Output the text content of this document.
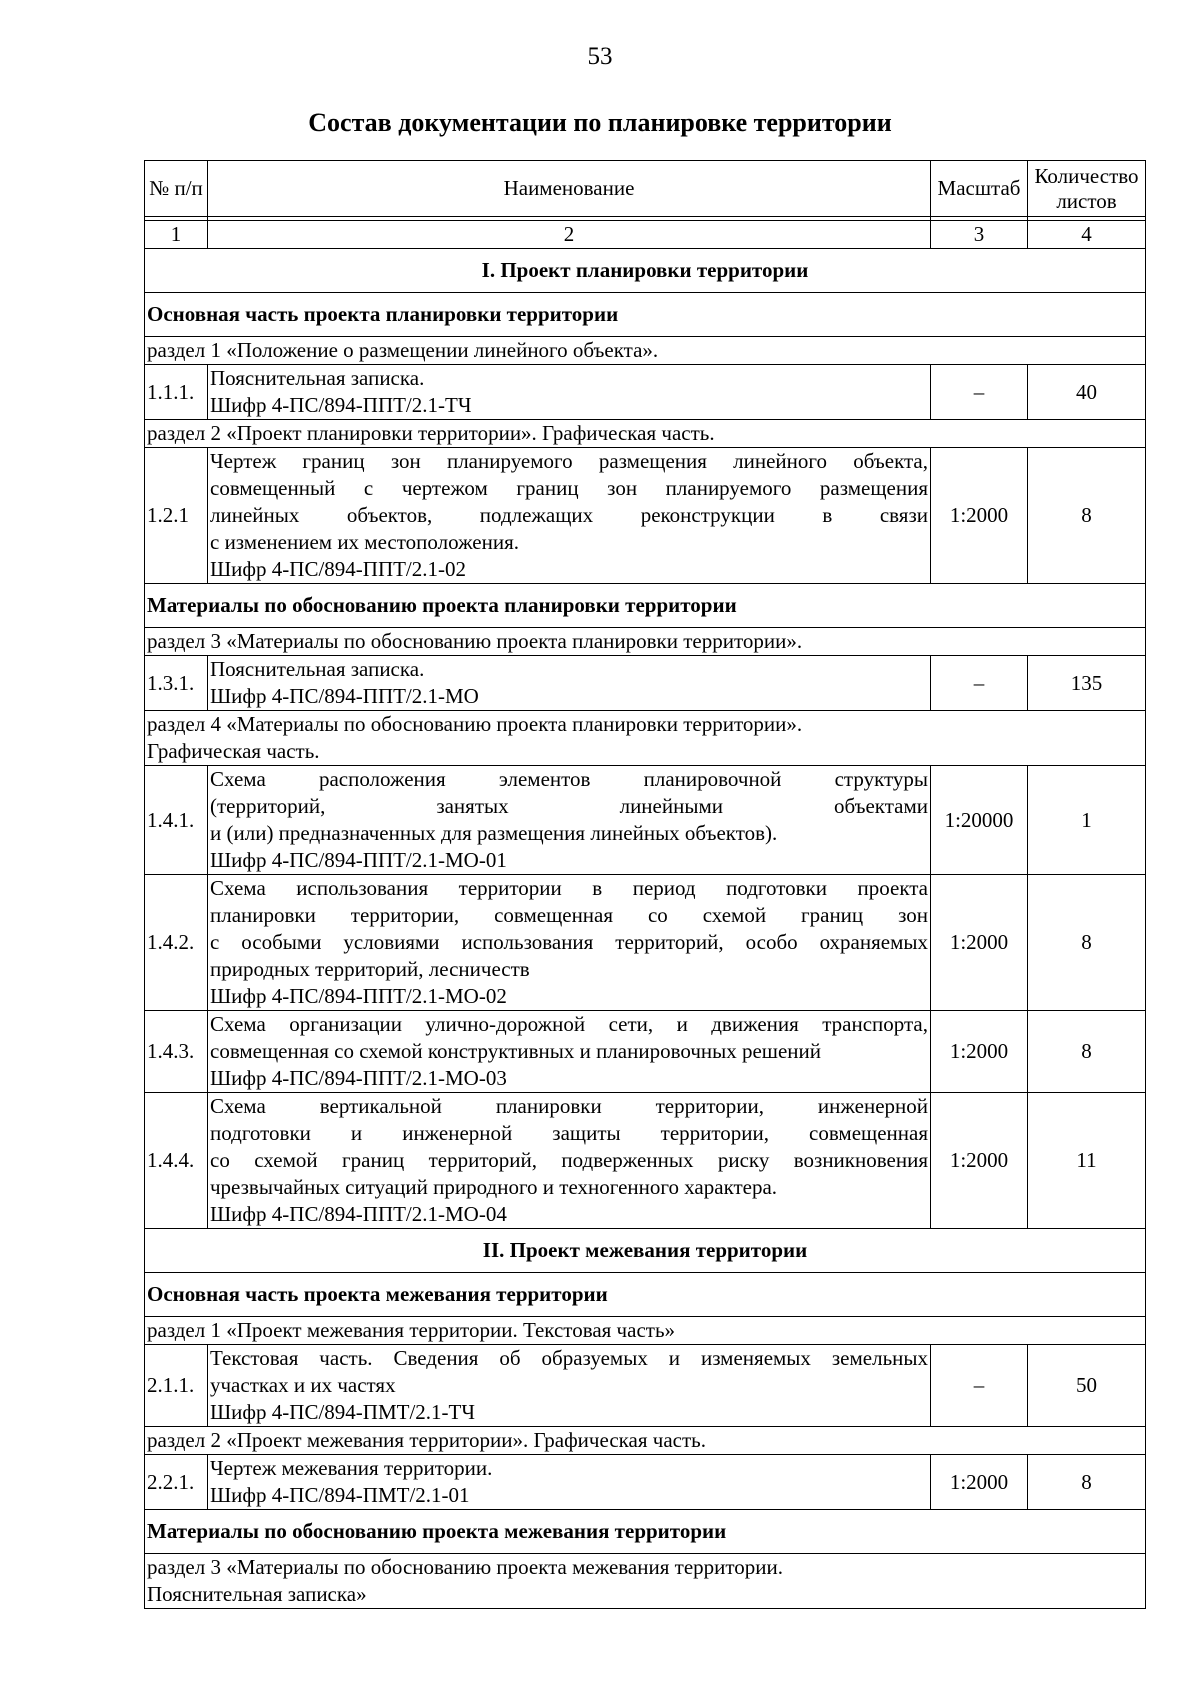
53
Состав документации по планировке территории
№ п/п	Наименование	Масштаб	Количество листов

1	2	3	4
I. Проект планировки территории			
Основная часть проекта планировки территории			

раздел 1 «Положение о размещении линейного объекта».			

1.1.1.	Пояснительная записка.
Шифр 4-ПС/894-ППТ/2.1-ТЧ	–	40

раздел 2 «Проект планировки территории». Графическая часть.			

1.2.1	Чертеж границ зон планируемого размещения линейного объекта,
совмещенный с чертежом границ зон планируемого размещения
линейных объектов, подлежащих реконструкции в связи
с изменением их местоположения.
Шифр 4-ПС/894-ППТ/2.1-02	1:2000	8
Материалы по обоснованию проекта планировки территории			

раздел 3 «Материалы по обоснованию проекта планировки территории».			

1.3.1.	Пояснительная записка.
Шифр 4-ПС/894-ППТ/2.1-МО	–	135

раздел 4 «Материалы по обоснованию проекта планировки территории».
Графическая часть.			

1.4.1.	Схема расположения элементов планировочной структуры
(территорий, занятых линейными объектами
и (или) предназначенных для размещения линейных объектов).
Шифр 4-ПС/894-ППТ/2.1-МО-01	1:20000	1
1.4.2.	Схема использования территории в период подготовки проекта
планировки территории, совмещенная со схемой границ зон
с особыми условиями использования территорий, особо охраняемых
природных территорий, лесничеств
Шифр 4-ПС/894-ППТ/2.1-МО-02	1:2000	8
1.4.3.	Схема организации улично-дорожной сети, и движения транспорта,
совмещенная со схемой конструктивных и планировочных решений
Шифр 4-ПС/894-ППТ/2.1-МО-03	1:2000	8
1.4.4.	Схема вертикальной планировки территории, инженерной
подготовки и инженерной защиты территории, совмещенная
со схемой границ территорий, подверженных риску возникновения
чрезвычайных ситуаций природного и техногенного характера.
Шифр 4-ПС/894-ППТ/2.1-МО-04	1:2000	11
II. Проект межевания территории			
Основная часть проекта межевания территории			

раздел 1 «Проект межевания территории. Текстовая часть»			

2.1.1.	Текстовая часть. Сведения об образуемых и изменяемых земельных
участках и их частях
Шифр 4-ПС/894-ПМТ/2.1-ТЧ	–	50

раздел 2 «Проект межевания территории». Графическая часть.			

2.2.1.	Чертеж межевания территории.
Шифр 4-ПС/894-ПМТ/2.1-01	1:2000	8
Материалы по обоснованию проекта межевания территории			

раздел 3 «Материалы по обоснованию проекта межевания территории.
Пояснительная записка»			
